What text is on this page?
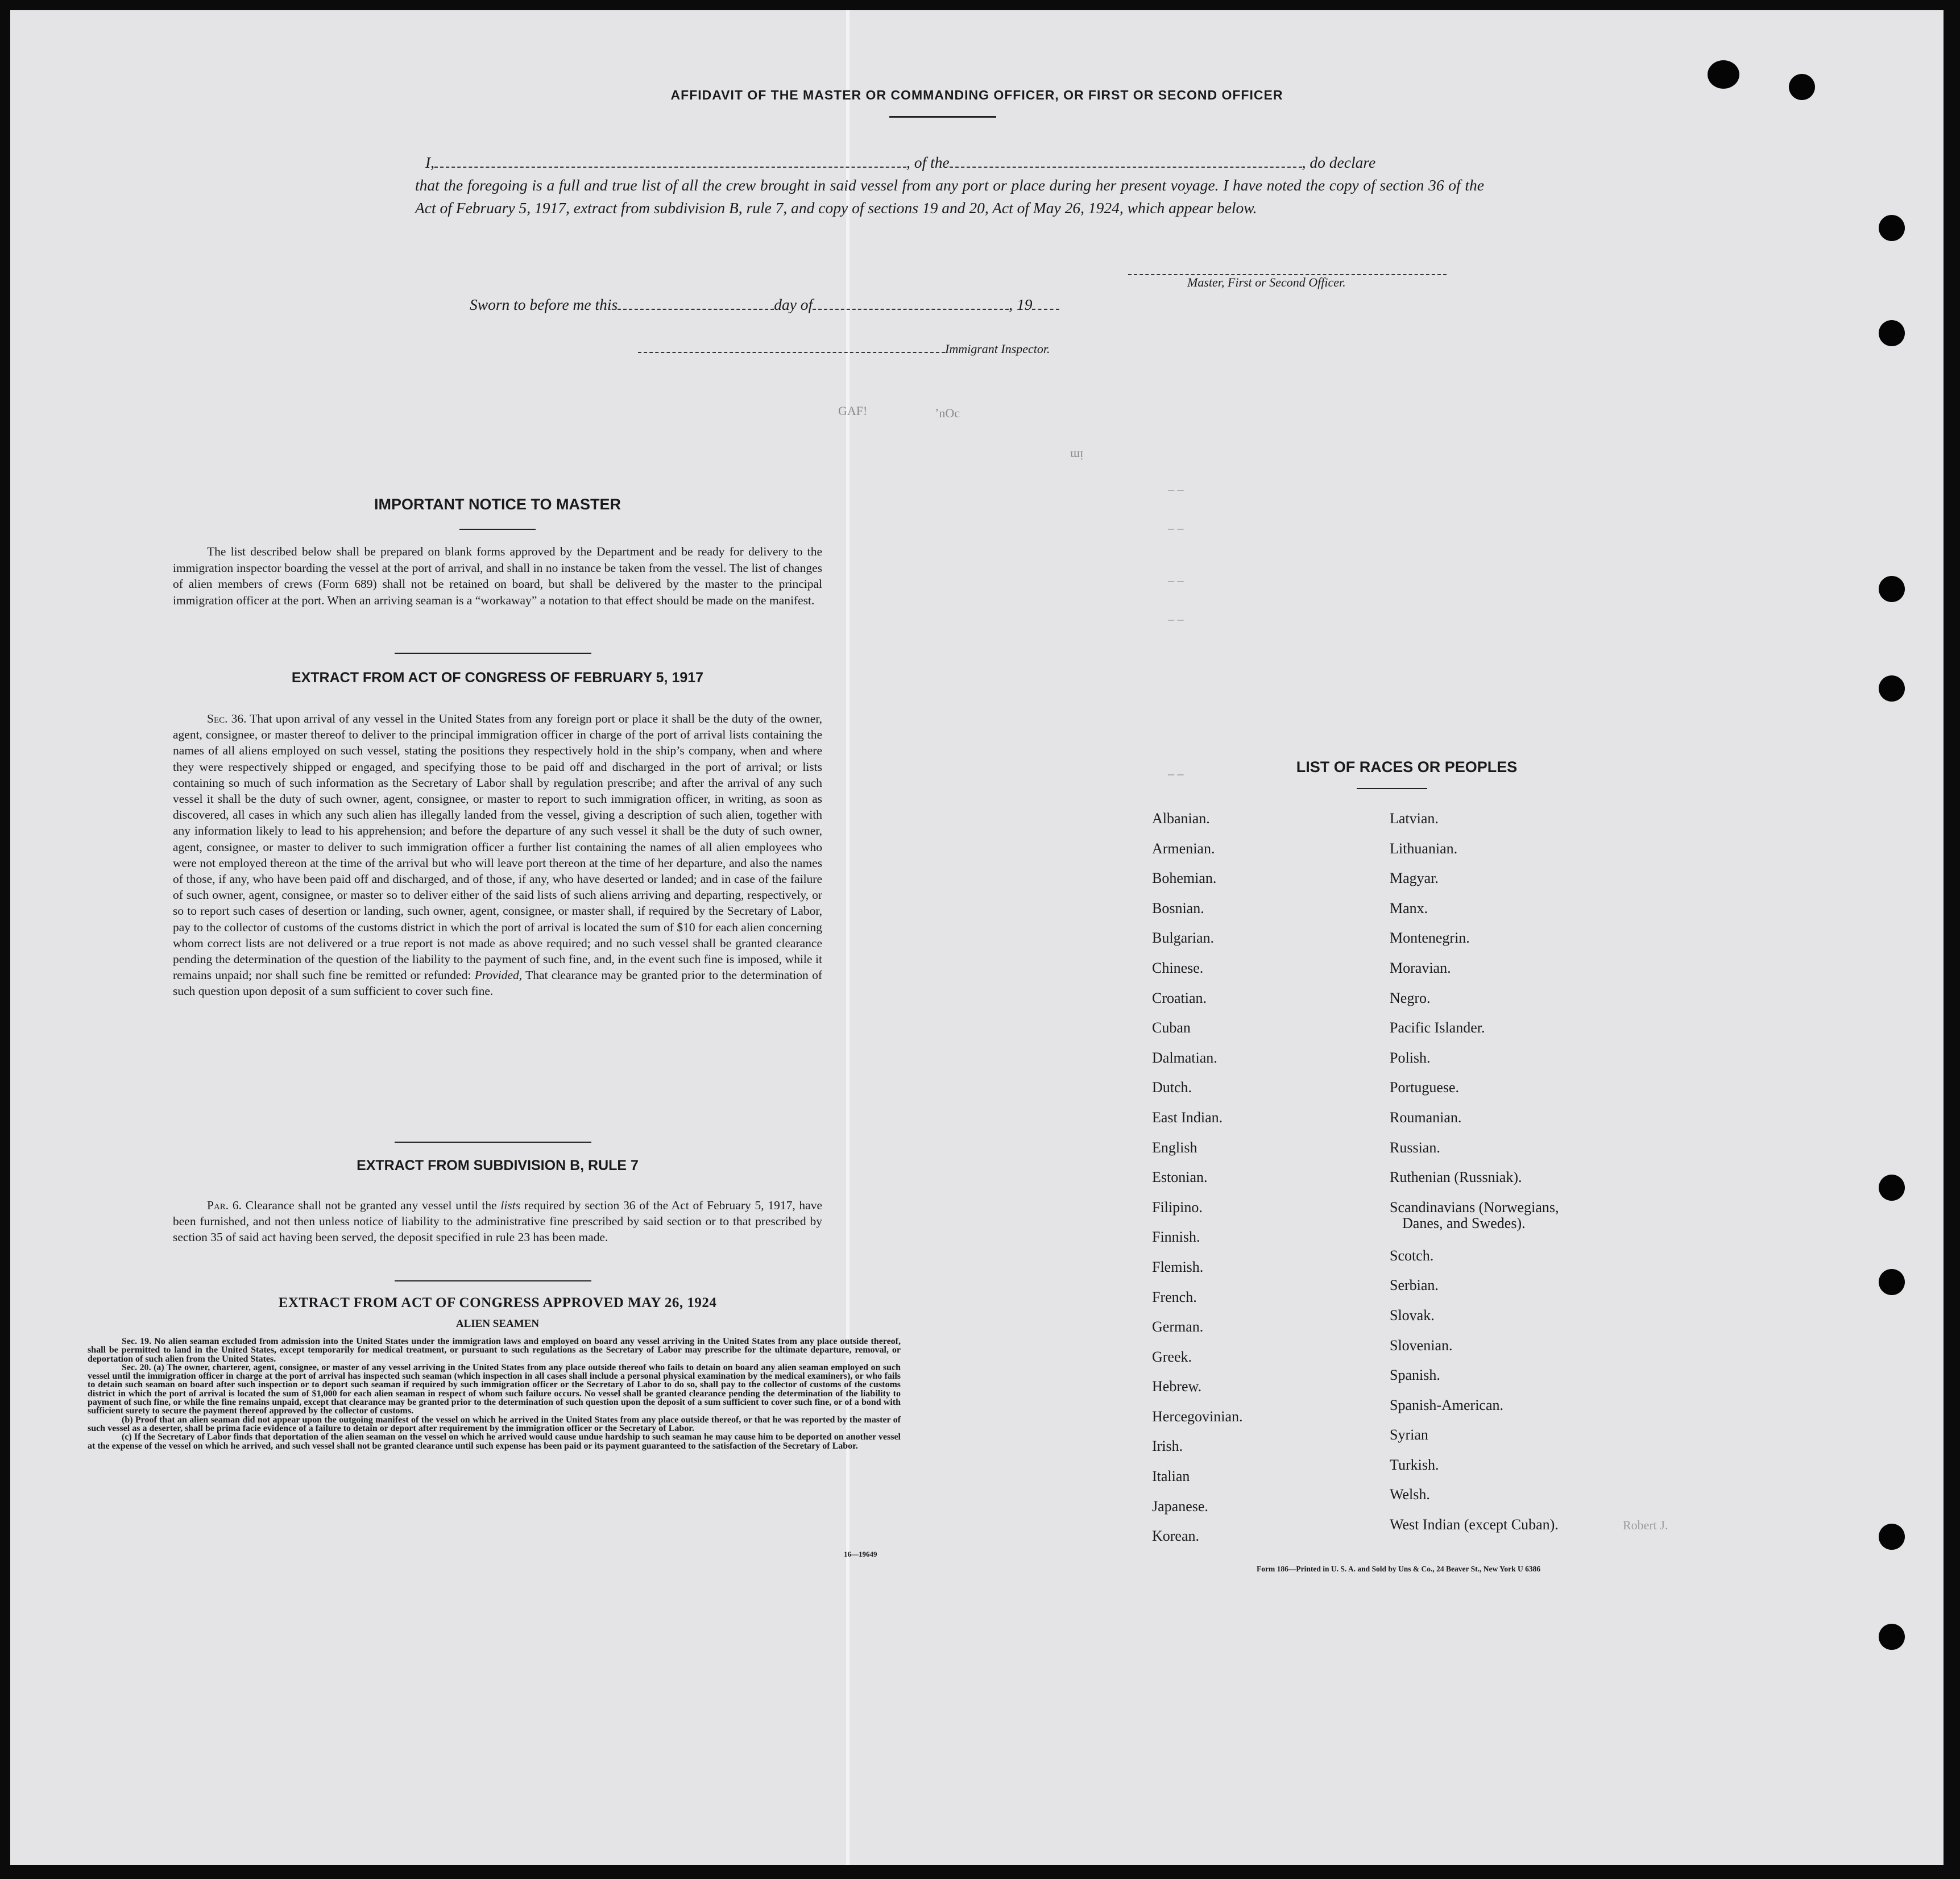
AFFIDAVIT OF THE MASTER OR COMMANDING OFFICER, OR FIRST OR SECOND OFFICER
I,	, of the	, do declare
that the foregoing is a full and true list of all the crew brought in said vessel from any port or place during her present voyage. I have noted the copy of section 36 of the Act of February 5, 1917, extract from subdivision B, rule 7, and copy of sections 19 and 20, Act of May 26, 1924, which appear below.
Master, First or Second Officer.
Sworn to before me this	day of	, 19
Immigrant Inspector.
IMPORTANT NOTICE TO MASTER
The list described below shall be prepared on blank forms approved by the Department and be ready for delivery to the immigration inspector boarding the vessel at the port of arrival, and shall in no instance be taken from the vessel. The list of changes of alien members of crews (Form 689) shall not be retained on board, but shall be delivered by the master to the principal immigration officer at the port. When an arriving seaman is a “workaway” a notation to that effect should be made on the manifest.
EXTRACT FROM ACT OF CONGRESS OF FEBRUARY 5, 1917
Sec. 36. That upon arrival of any vessel in the United States from any foreign port or place it shall be the duty of the owner, agent, consignee, or master thereof to deliver to the principal immigration officer in charge of the port of arrival lists containing the names of all aliens employed on such vessel, stating the positions they respectively hold in the ship’s company, when and where they were respectively shipped or engaged, and specifying those to be paid off and discharged in the port of arrival; or lists containing so much of such information as the Secretary of Labor shall by regulation prescribe; and after the arrival of any such vessel it shall be the duty of such owner, agent, consignee, or master to report to such immigration officer, in writing, as soon as discovered, all cases in which any such alien has illegally landed from the vessel, giving a description of such alien, together with any information likely to lead to his apprehension; and before the departure of any such vessel it shall be the duty of such owner, agent, consignee, or master to deliver to such immigration officer a further list containing the names of all alien employees who were not employed thereon at the time of the arrival but who will leave port thereon at the time of her departure, and also the names of those, if any, who have been paid off and discharged, and of those, if any, who have deserted or landed; and in case of the failure of such owner, agent, consignee, or master so to deliver either of the said lists of such aliens arriving and departing, respectively, or so to report such cases of desertion or landing, such owner, agent, consignee, or master shall, if required by the Secretary of Labor, pay to the collector of customs of the customs district in which the port of arrival is located the sum of $10 for each alien concerning whom correct lists are not delivered or a true report is not made as above required; and no such vessel shall be granted clearance pending the determination of the question of the liability to the payment of such fine, and, in the event such fine is imposed, while it remains unpaid; nor shall such fine be remitted or refunded: Provided, That clearance may be granted prior to the determination of such question upon deposit of a sum sufficient to cover such fine.
EXTRACT FROM SUBDIVISION B, RULE 7
Par. 6. Clearance shall not be granted any vessel until the lists required by section 36 of the Act of February 5, 1917, have been furnished, and not then unless notice of liability to the administrative fine prescribed by said section or to that prescribed by section 35 of said act having been served, the deposit specified in rule 23 has been made.
EXTRACT FROM ACT OF CONGRESS APPROVED MAY 26, 1924
ALIEN SEAMEN
Sec. 19. No alien seaman excluded from admission into the United States under the immigration laws and employed on board any vessel arriving in the United States from any place outside thereof, shall be permitted to land in the United States, except temporarily for medical treatment, or pursuant to such regulations as the Secretary of Labor may prescribe for the ultimate departure, removal, or deportation of such alien from the United States.
Sec. 20. (a) The owner, charterer, agent, consignee, or master of any vessel arriving in the United States from any place outside thereof who fails to detain on board any alien seaman employed on such vessel until the immigration officer in charge at the port of arrival has inspected such seaman (which inspection in all cases shall include a personal physical examination by the medical examiners), or who fails to detain such seaman on board after such inspection or to deport such seaman if required by such immigration officer or the Secretary of Labor to do so, shall pay to the collector of customs of the customs district in which the port of arrival is located the sum of $1,000 for each alien seaman in respect of whom such failure occurs. No vessel shall be granted clearance pending the determination of the liability to payment of such fine, or while the fine remains unpaid, except that clearance may be granted prior to the determination of such question upon the deposit of a sum sufficient to cover such fine, or of a bond with sufficient surety to secure the payment thereof approved by the collector of customs.
(b) Proof that an alien seaman did not appear upon the outgoing manifest of the vessel on which he arrived in the United States from any place outside thereof, or that he was reported by the master of such vessel as a deserter, shall be prima facie evidence of a failure to detain or deport after requirement by the immigration officer or the Secretary of Labor.
(c) If the Secretary of Labor finds that deportation of the alien seaman on the vessel on which he arrived would cause undue hardship to such seaman he may cause him to be deported on another vessel at the expense of the vessel on which he arrived, and such vessel shall not be granted clearance until such expense has been paid or its payment guaranteed to the satisfaction of the Secretary of Labor.
16—19649
GAF!	ʼnOc
ɯᴉ
– –
– –
– –
– –
– –
Robert J.
LIST OF RACES OR PEOPLES
Albanian.
Armenian.
Bohemian.
Bosnian.
Bulgarian.
Chinese.
Croatian.
Cuban
Dalmatian.
Dutch.
East Indian.
English
Estonian.
Filipino.
Finnish.
Flemish.
French.
German.
Greek.
Hebrew.
Hercegovinian.
Irish.
Italian
Japanese.
Korean.
Latvian.
Lithuanian.
Magyar.
Manx.
Montenegrin.
Moravian.
Negro.
Pacific Islander.
Polish.
Portuguese.
Roumanian.
Russian.
Ruthenian (Russniak).
Scandinavians (Norwegians,
Danes, and Swedes).
Scotch.
Serbian.
Slovak.
Slovenian.
Spanish.
Spanish-American.
Syrian
Turkish.
Welsh.
West Indian (except Cuban).
Form 186—Printed in U. S. A. and Sold by Uns & Co., 24 Beaver St., New York U 6386
